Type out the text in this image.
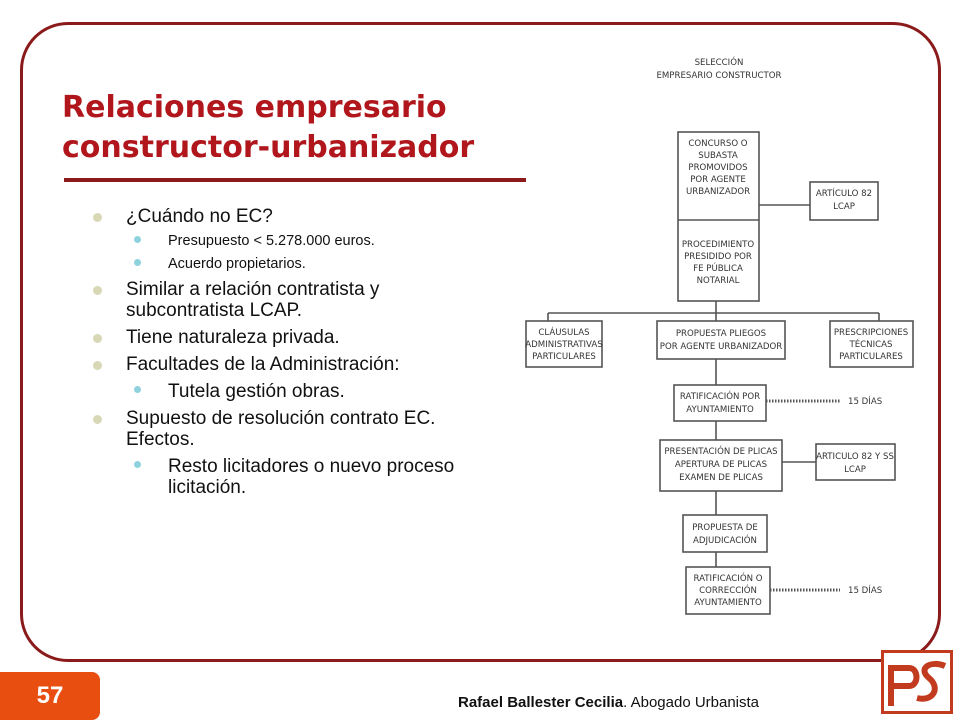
Relaciones empresario
constructor-urbanizador
¿Cuándo no EC?
Presupuesto < 5.278.000 euros.
Acuerdo propietarios.
Similar a relación contratista y subcontratista LCAP.
Tiene naturaleza privada.
Facultades de la Administración:
Tutela gestión obras.
Supuesto de resolución contrato EC. Efectos.
Resto licitadores o nuevo proceso licitación.
SELECCIÓN
EMPRESARIO CONSTRUCTOR
CONCURSO O
SUBASTA
PROMOVIDOS
POR AGENTE
URBANIZADOR
PROCEDIMIENTO
PRESIDIDO POR
FE PÚBLICA
NOTARIAL
ARTÍCULO 82
LCAP
CLÁUSULAS
ADMINISTRATIVAS
PARTICULARES
PROPUESTA PLIEGOS
POR AGENTE URBANIZADOR
PRESCRIPCIONES
TÉCNICAS
PARTICULARES
RATIFICACIÓN POR
AYUNTAMIENTO
15 DÍAS
PRESENTACIÓN DE PLICAS
APERTURA DE PLICAS
EXAMEN DE PLICAS
ARTICULO 82 Y SS
LCAP
PROPUESTA DE
ADJUDICACIÓN
RATIFICACIÓN O
CORRECCIÓN
AYUNTAMIENTO
15 DÍAS
57	Rafael Ballester Cecilia. Abogado Urbanista
